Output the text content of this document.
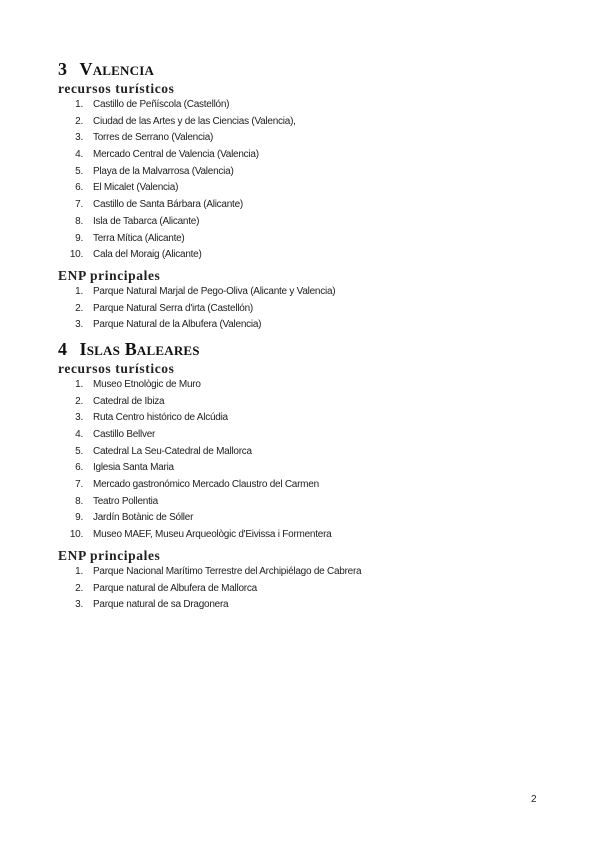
3 Valencia
recursos turísticos
1. Castillo de Peñíscola (Castellón)
2. Ciudad de las Artes y de las Ciencias (Valencia),
3. Torres de Serrano (Valencia)
4. Mercado Central de Valencia (Valencia)
5. Playa de la Malvarrosa (Valencia)
6. El Micalet (Valencia)
7. Castillo de Santa Bárbara (Alicante)
8. Isla de Tabarca (Alicante)
9. Terra Mítica (Alicante)
10. Cala del Moraig (Alicante)
ENP principales
1. Parque Natural Marjal de Pego-Oliva (Alicante y Valencia)
2. Parque Natural Serra d'irta (Castellón)
3. Parque Natural de la Albufera (Valencia)
4 Islas Baleares
recursos turísticos
1. Museo Etnològic de Muro
2. Catedral de Ibiza
3. Ruta Centro histórico de Alcúdia
4. Castillo Bellver
5. Catedral La Seu-Catedral de Mallorca
6. Iglesia Santa Maria
7. Mercado gastronómico Mercado Claustro del Carmen
8. Teatro Pollentia
9. Jardín Botànic de Sóller
10. Museo MAEF, Museu Arqueològic d'Eivissa i Formentera
ENP principales
1. Parque Nacional Marítimo Terrestre del Archipiélago de Cabrera
2. Parque natural de Albufera de Mallorca
3. Parque natural de sa Dragonera
2
